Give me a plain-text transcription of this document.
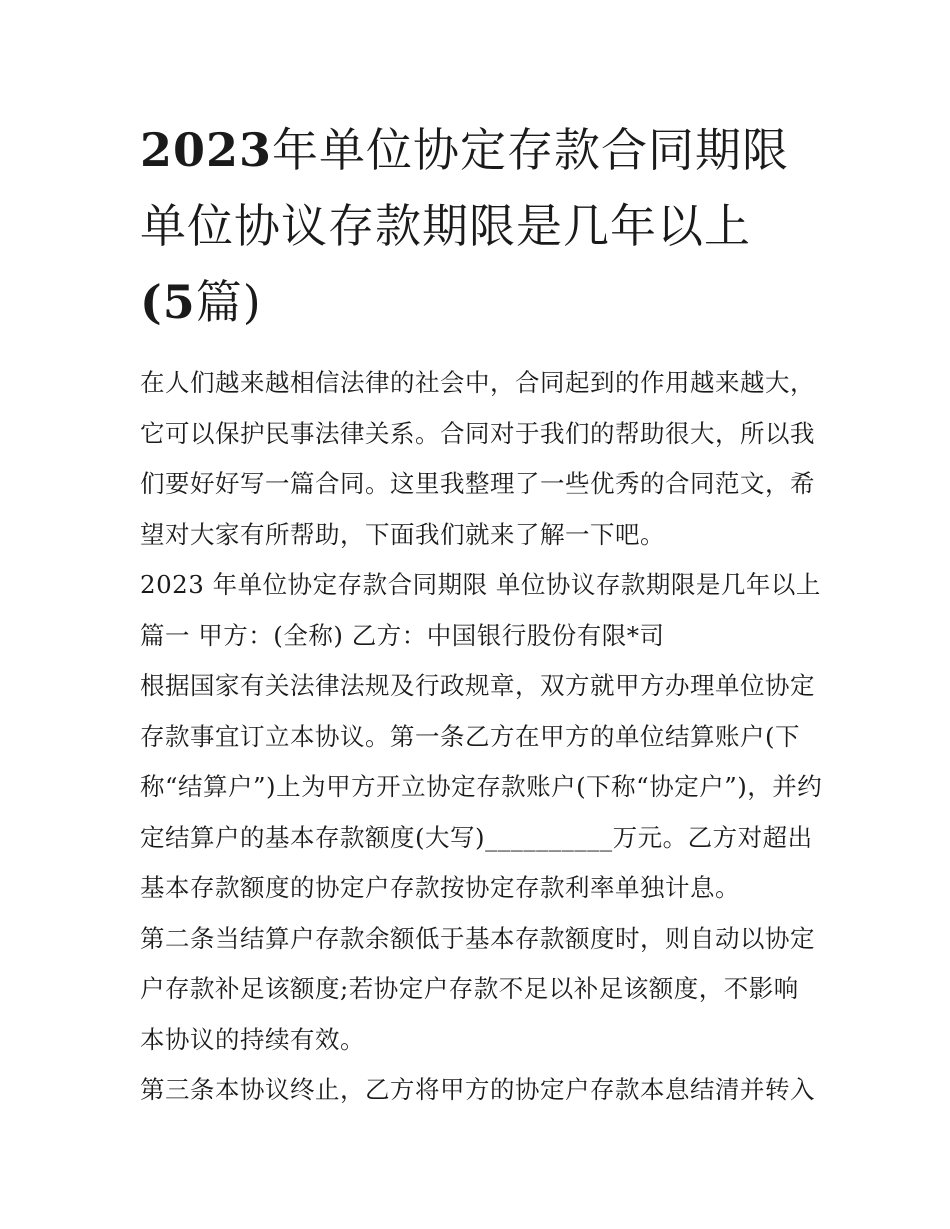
2023年单位协定存款合同期限
单位协议存款期限是几年以上
(5篇)
在人们越来越相信法律的社会中，合同起到的作用越来越大，
它可以保护民事法律关系。合同对于我们的帮助很大，所以我
们要好好写一篇合同。这里我整理了一些优秀的合同范文，希
望对大家有所帮助，下面我们就来了解一下吧。
2023 年单位协定存款合同期限 单位协议存款期限是几年以上
篇一 甲方：(全称) 乙方：中国银行股份有限*司
根据国家有关法律法规及行政规章，双方就甲方办理单位协定
存款事宜订立本协议。第一条乙方在甲方的单位结算账户(下
称“结算户”)上为甲方开立协定存款账户(下称“协定户”)，并约
定结算户的基本存款额度(大写)__________万元。乙方对超出
基本存款额度的协定户存款按协定存款利率单独计息。
第二条当结算户存款余额低于基本存款额度时，则自动以协定
户存款补足该额度;若协定户存款不足以补足该额度，不影响
本协议的持续有效。
第三条本协议终止，乙方将甲方的协定户存款本息结清并转入
